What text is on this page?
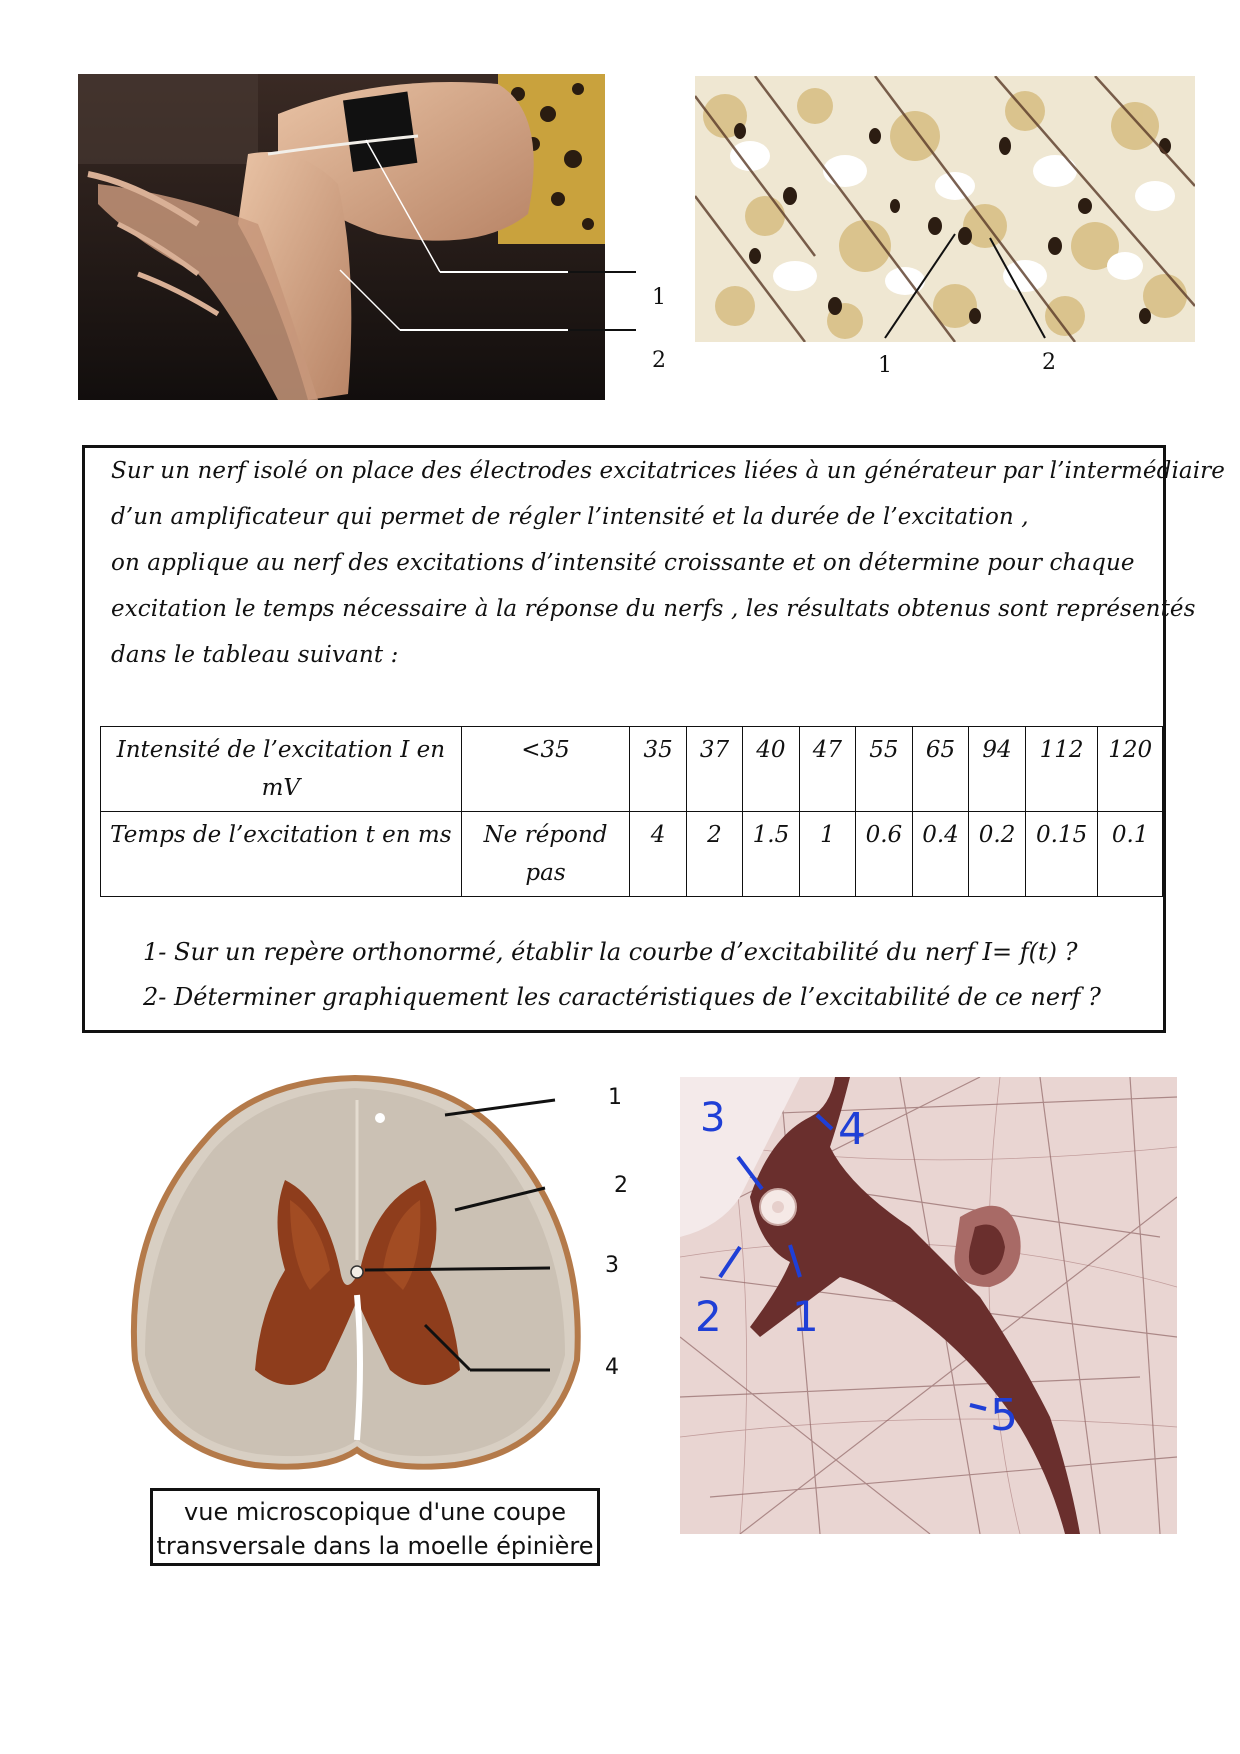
1
2	1	2
Sur un nerf isolé on place des électrodes excitatrices liées à un générateur par l’intermédiaire
d’un amplificateur qui permet de régler l’intensité et la durée de l’excitation ,
on applique au nerf des excitations d’intensité croissante et on détermine pour chaque
excitation le temps nécessaire à la réponse du nerfs , les résultats obtenus sont représentés
dans le tableau suivant :
Intensité de l’excitation I en mV	<35	35	37	40	47	55	65	94	112	120
Temps de l’excitation t en ms	Ne répond pas	4	2	1.5	1	0.6	0.4	0.2	0.15	0.1
1- Sur un repère orthonormé, établir la courbe d’excitabilité du nerf I= f(t) ?
2- Déterminer graphiquement les caractéristiques de l’excitabilité de ce nerf ?
1
2
3
4
vue microscopique d'une coupe
transversale dans la moelle épinière
3	4
2 1
5
